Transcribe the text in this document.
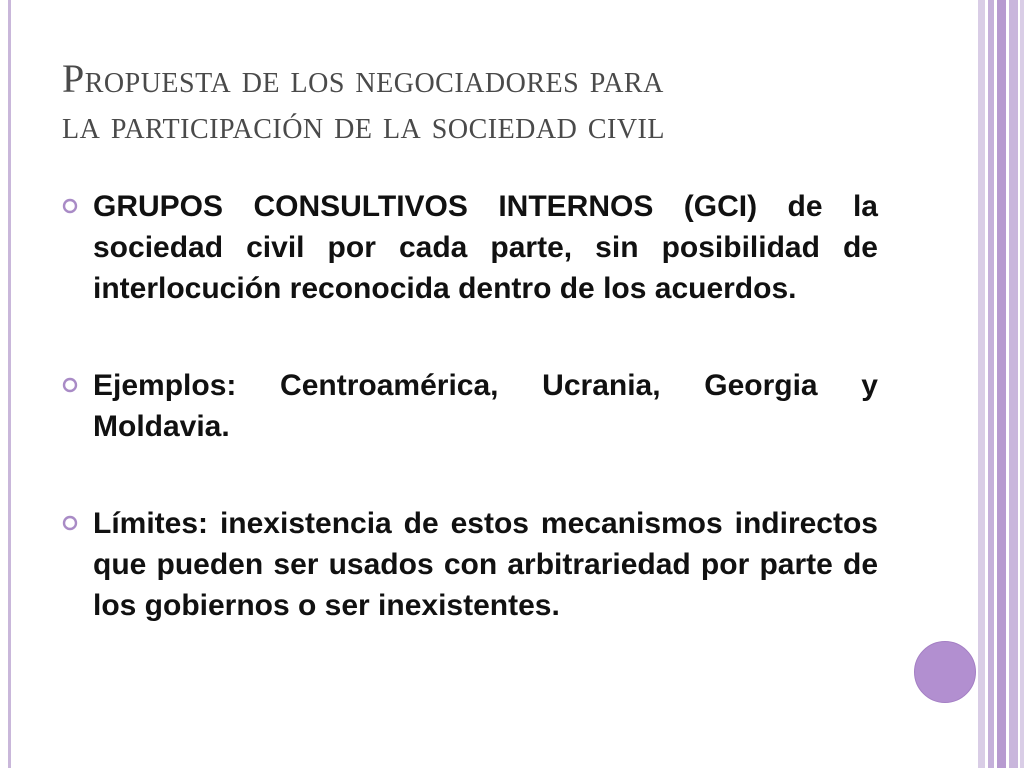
Propuesta de los negociadores para
la participación de la sociedad civil
GRUPOS CONSULTIVOS INTERNOS (GCI) de la sociedad civil por cada parte, sin posibilidad de interlocución reconocida dentro de los acuerdos.
Ejemplos: Centroamérica, Ucrania, Georgia y Moldavia.
Límites: inexistencia de estos mecanismos indirectos que pueden ser usados con arbitrariedad por parte de los gobiernos o ser inexistentes.
